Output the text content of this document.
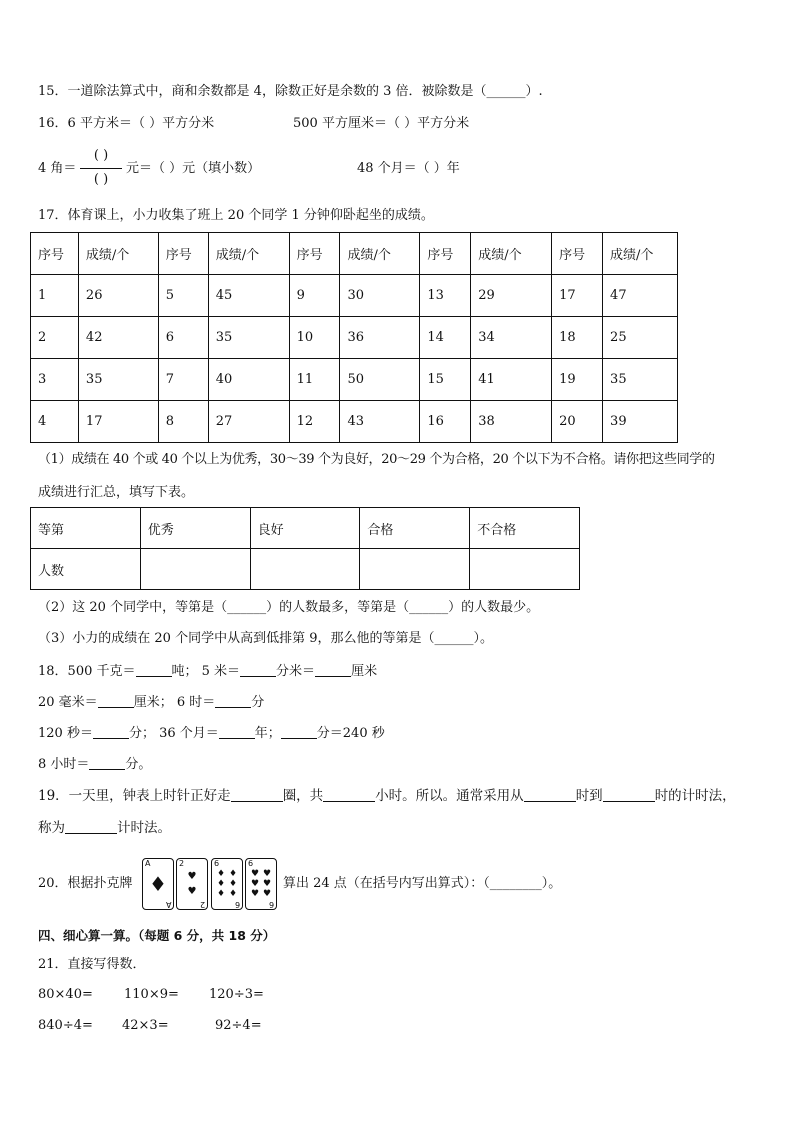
15．一道除法算式中，商和余数都是 4，除数正好是余数的 3 倍．被除数是（______）.
16．6 平方米＝（ ）平方分米	500 平方厘米＝（ ）平方分米
4 角＝
( )
( )
元＝（ ）元（填小数）	48 个月＝（ ）年
17．体育课上，小力收集了班上 20 个同学 1 分钟仰卧起坐的成绩。
序号	成绩/个	序号	成绩/个	序号	成绩/个	序号	成绩/个	序号	成绩/个
1	26	5	45	9	30	13	29	17	47
2	42	6	35	10	36	14	34	18	25
3	35	7	40	11	50	15	41	19	35
4	17	8	27	12	43	16	38	20	39
（1）成绩在 40 个或 40 个以上为优秀，30～39 个为良好，20～29 个为合格，20 个以下为不合格。请你把这些同学的
成绩进行汇总，填写下表。
等第	优秀	良好	合格	不合格
人数				
（2）这 20 个同学中，等第是（______）的人数最多，等第是（______）的人数最少。
（3）小力的成绩在 20 个同学中从高到低排第 9，那么他的等第是（______）。
18．500 千克＝	吨； 5 米＝	分米＝	厘米
20 毫米＝	厘米； 6 时＝	分
120 秒＝	分； 36 个月＝	年；	分＝240 秒
8 小时＝	分。
19．一天里，钟表上时针正好走	圈，共	小时。所以。通常采用从	时到	时的计时法，
称为	计时法。
20．根据扑克牌
A
A
♦
2
2
♥
♥
6
6
♦ ♦
♦ ♦
♦ ♦
6
6
♥ ♥
♥ ♥
♥ ♥
算出 24 点（在括号内写出算式）：（________）。
四、细心算一算。（每题 6 分，共 18 分）
21．直接写得数．
80×40= 110×9= 120÷3=
840÷4= 42×3=	92÷4=
